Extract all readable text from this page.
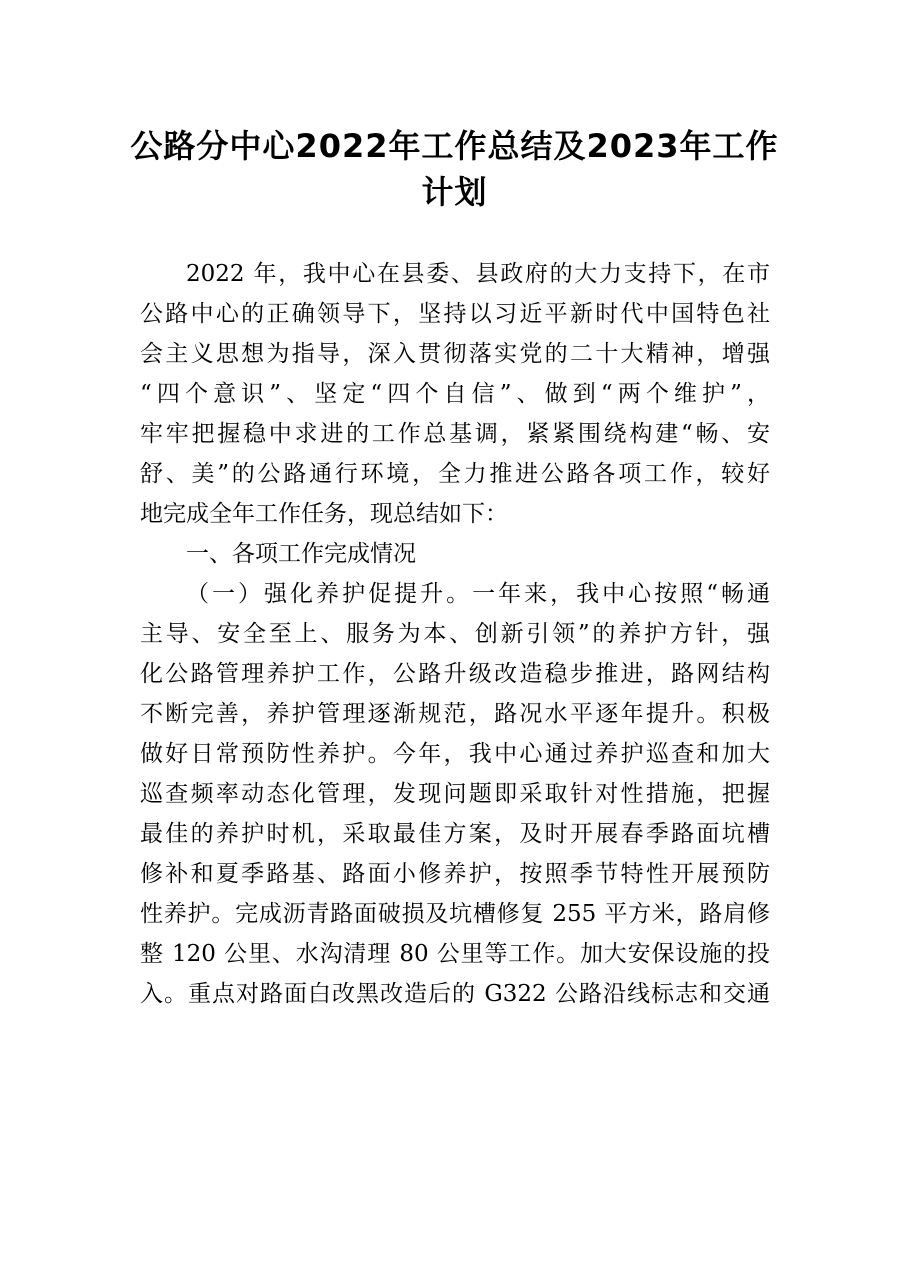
公路分中心2022年工作总结及2023年工作
计划
2022 年，我中心在县委、县政府的大力支持下，在市
公路中心的正确领导下，坚持以习近平新时代中国特色社
会主义思想为指导，深入贯彻落实党的二十大精神，增强
“四个意识”、坚定“四个自信”、做到“两个维护”，
牢牢把握稳中求进的工作总基调，紧紧围绕构建“畅、安
舒、美”的公路通行环境，全力推进公路各项工作，较好
地完成全年工作任务，现总结如下：
一、各项工作完成情况
（一）强化养护促提升。一年来，我中心按照“畅通
主导、安全至上、服务为本、创新引领”的养护方针，强
化公路管理养护工作，公路升级改造稳步推进，路网结构
不断完善，养护管理逐渐规范，路况水平逐年提升。积极
做好日常预防性养护。今年，我中心通过养护巡查和加大
巡查频率动态化管理，发现问题即采取针对性措施，把握
最佳的养护时机，采取最佳方案，及时开展春季路面坑槽
修补和夏季路基、路面小修养护，按照季节特性开展预防
性养护。完成沥青路面破损及坑槽修复 255 平方米，路肩修
整 120 公里、水沟清理 80 公里等工作。加大安保设施的投
入。重点对路面白改黑改造后的 G322 公路沿线标志和交通
